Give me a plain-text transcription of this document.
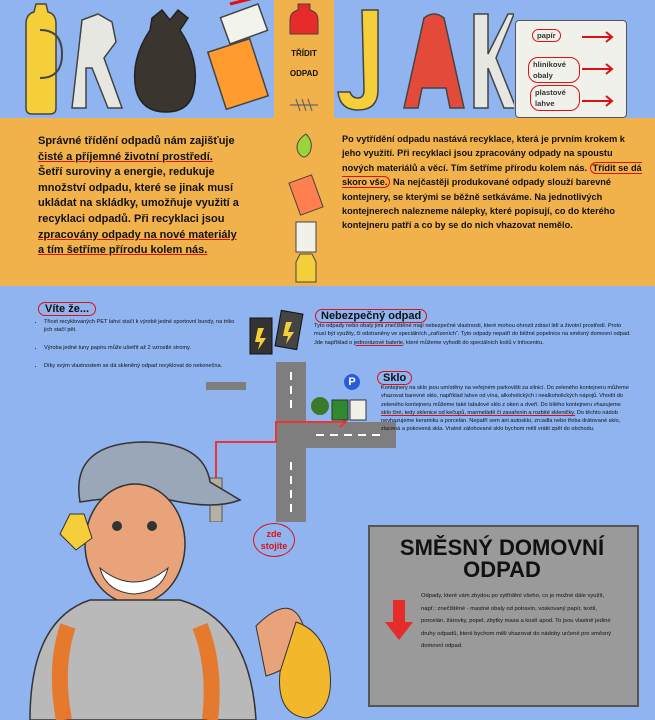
TŘÍDIT
ODPAD
papír
hliníkové obaly
plastové lahve
Správné třídění odpadů nám zajišťuje
čisté a příjemné životní prostředí.
Šetří suroviny a energie, redukuje množství odpadu, které se jinak musí ukládat na skládky, umožňuje využití a recyklaci odpadů. Při recyklaci jsou
zpracovány odpady na nové materiály
a tím šetříme přírodu kolem nás.
Po vytřídění odpadu nastává recyklace, která je prvním krokem k jeho využití. Při recyklaci jsou zpracovány odpady na spoustu nových materiálů a věcí. Tím šetříme přírodu kolem nás. Třídit se dá skoro vše. Na nejčastěji produkované odpady slouží barevné kontejnery, se kterými se běžně setkáváme. Na jednotlivých kontejnerech nalezneme nálepky, které popisují, co do kterého kontejneru patří a co by se do nich vhazovat nemělo.
Víte že...
• Třicet recyklovaných PET lahví stačí k výrobě jedné sportovní bundy, na triko jich stačí pět.
• Výroba jedné tuny papíru může ušetřit až 2 vzrostlé stromy.
• Díky svým vlastnostem se dá skleněný odpad recyklovat do nekonečna.
Nebezpečný odpad
Tyto odpady nebo obaly jimi znečištěné mají nebezpečné vlastnosti, které mohou ohrozit zdraví lidí a životní prostředí. Proto musí být využity, či odstraněny ve speciálních „zařízeních“. Tyto odpady nepatří do běžné popelnice na směsný domovní odpad. Jde například o jednorázové baterie, které můžeme vyhodit do speciálních košů v Infocentru.
P	Sklo
Kontejnery na sklo jsou umístěny na veřejném parkovišti za silnicí. Do zeleného kontejneru můžeme vhazovat barevné sklo, například lahve od vína, alkoholických i nealkoholických nápojů. Vhodit do zeleného kontejneru můžeme také tabulové sklo z oken a dveří. Do bílého kontejneru vhazujeme sklo čiré, tedy sklenice od kečupů, marmeládě či zavařenin a rozbité skleničky. Do těchto nádob nevhazujeme keramiku a porcelán. Nepatří sem ani autosklo, zrcadla nebo třeba drátované sklo, zlacená a pokovená skla. Vratné zálohované sklo bychom měli vrátit zpět do obchodu.
zde stojíte	SMĚSNÝ DOMOVNÍ ODPAD
Odpady, které vám zbydou po vytřídění všeho, co je možné dále využít, např.: znečištěné - mastné obaly od potravin, voskovaný papír, textil, porcelán, žárovky, popel, zbytky masa a kostí apod. To jsou vlastně jediné druhy odpadů, které bychom měli vhazovat do nádoby určené pro směsný domovní odpad.
